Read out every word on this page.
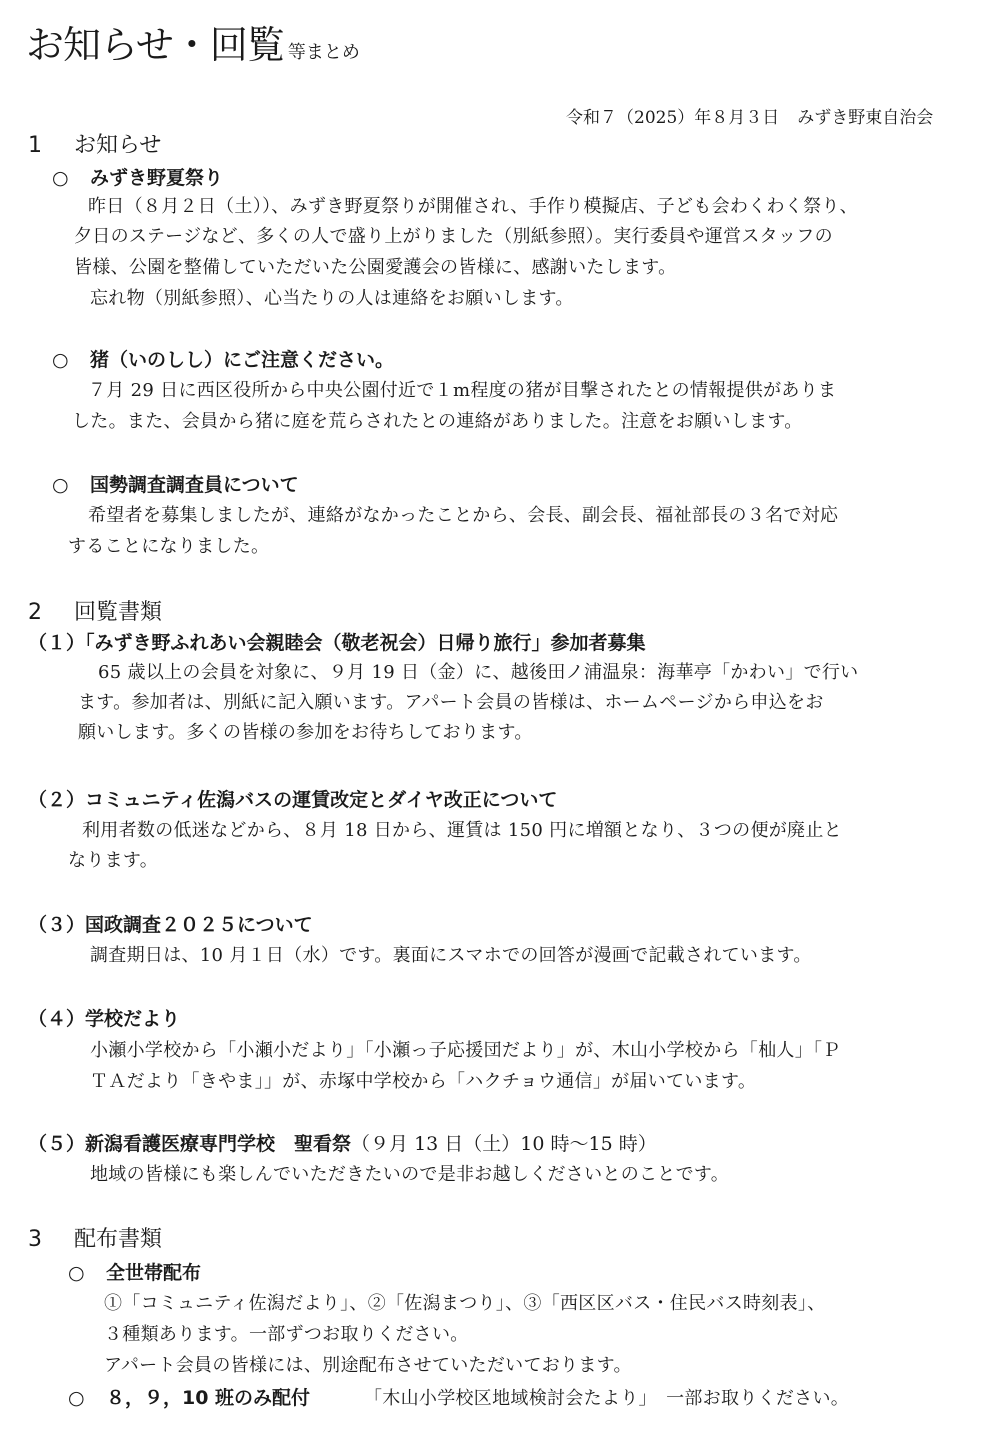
お知らせ・回覧 等まとめ
令和７（2025）年８月３日 みずき野東自治会
1 お知らせ
○ みずき野夏祭り
昨日（８月２日（土））、みずき野夏祭りが開催され、手作り模擬店、子ども会わくわく祭り、
夕日のステージなど、多くの人で盛り上がりました（別紙参照）。実行委員や運営スタッフの
皆様、公園を整備していただいた公園愛護会の皆様に、感謝いたします。
忘れ物（別紙参照）、心当たりの人は連絡をお願いします。
○ 猪（いのしし）にご注意ください。
７月 29 日に西区役所から中央公園付近で１m程度の猪が目撃されたとの情報提供がありま
した。また、会員から猪に庭を荒らされたとの連絡がありました。注意をお願いします。
○ 国勢調査調査員について
希望者を募集しましたが、連絡がなかったことから、会長、副会長、福祉部長の３名で対応
することになりました。
2 回覧書類
（１）「みずき野ふれあい会親睦会（敬老祝会）日帰り旅行」参加者募集
65 歳以上の会員を対象に、９月 19 日（金）に、越後田ノ浦温泉：海華亭「かわい」で行い
ます。参加者は、別紙に記入願います。アパート会員の皆様は、ホームページから申込をお
願いします。多くの皆様の参加をお待ちしております。
（２）コミュニティ佐潟バスの運賃改定とダイヤ改正について
利用者数の低迷などから、８月 18 日から、運賃は 150 円に増額となり、３つの便が廃止と
なります。
（３）国政調査２０２５について
調査期日は、10 月１日（水）です。裏面にスマホでの回答が漫画で記載されています。
（４）学校だより
小瀬小学校から「小瀬小だより」「小瀬っ子応援団だより」が、木山小学校から「杣人」「Ｐ
ＴＡだより「きやま」」が、赤塚中学校から「ハクチョウ通信」が届いています。
（５）新潟看護医療専門学校　聖看祭（９月 13 日（土）10 時～15 時）
地域の皆様にも楽しんでいただきたいので是非お越しくださいとのことです。
3 配布書類
○ 全世帯配布
①「コミュニティ佐潟だより」、②「佐潟まつり」、③「西区区バス・住民バス時刻表」、
３種類あります。一部ずつお取りください。
アパート会員の皆様には、別途配布させていただいております。
○ ８，９，10 班のみ配付	「木山小学校区地域検討会たより」　一部お取りください。
